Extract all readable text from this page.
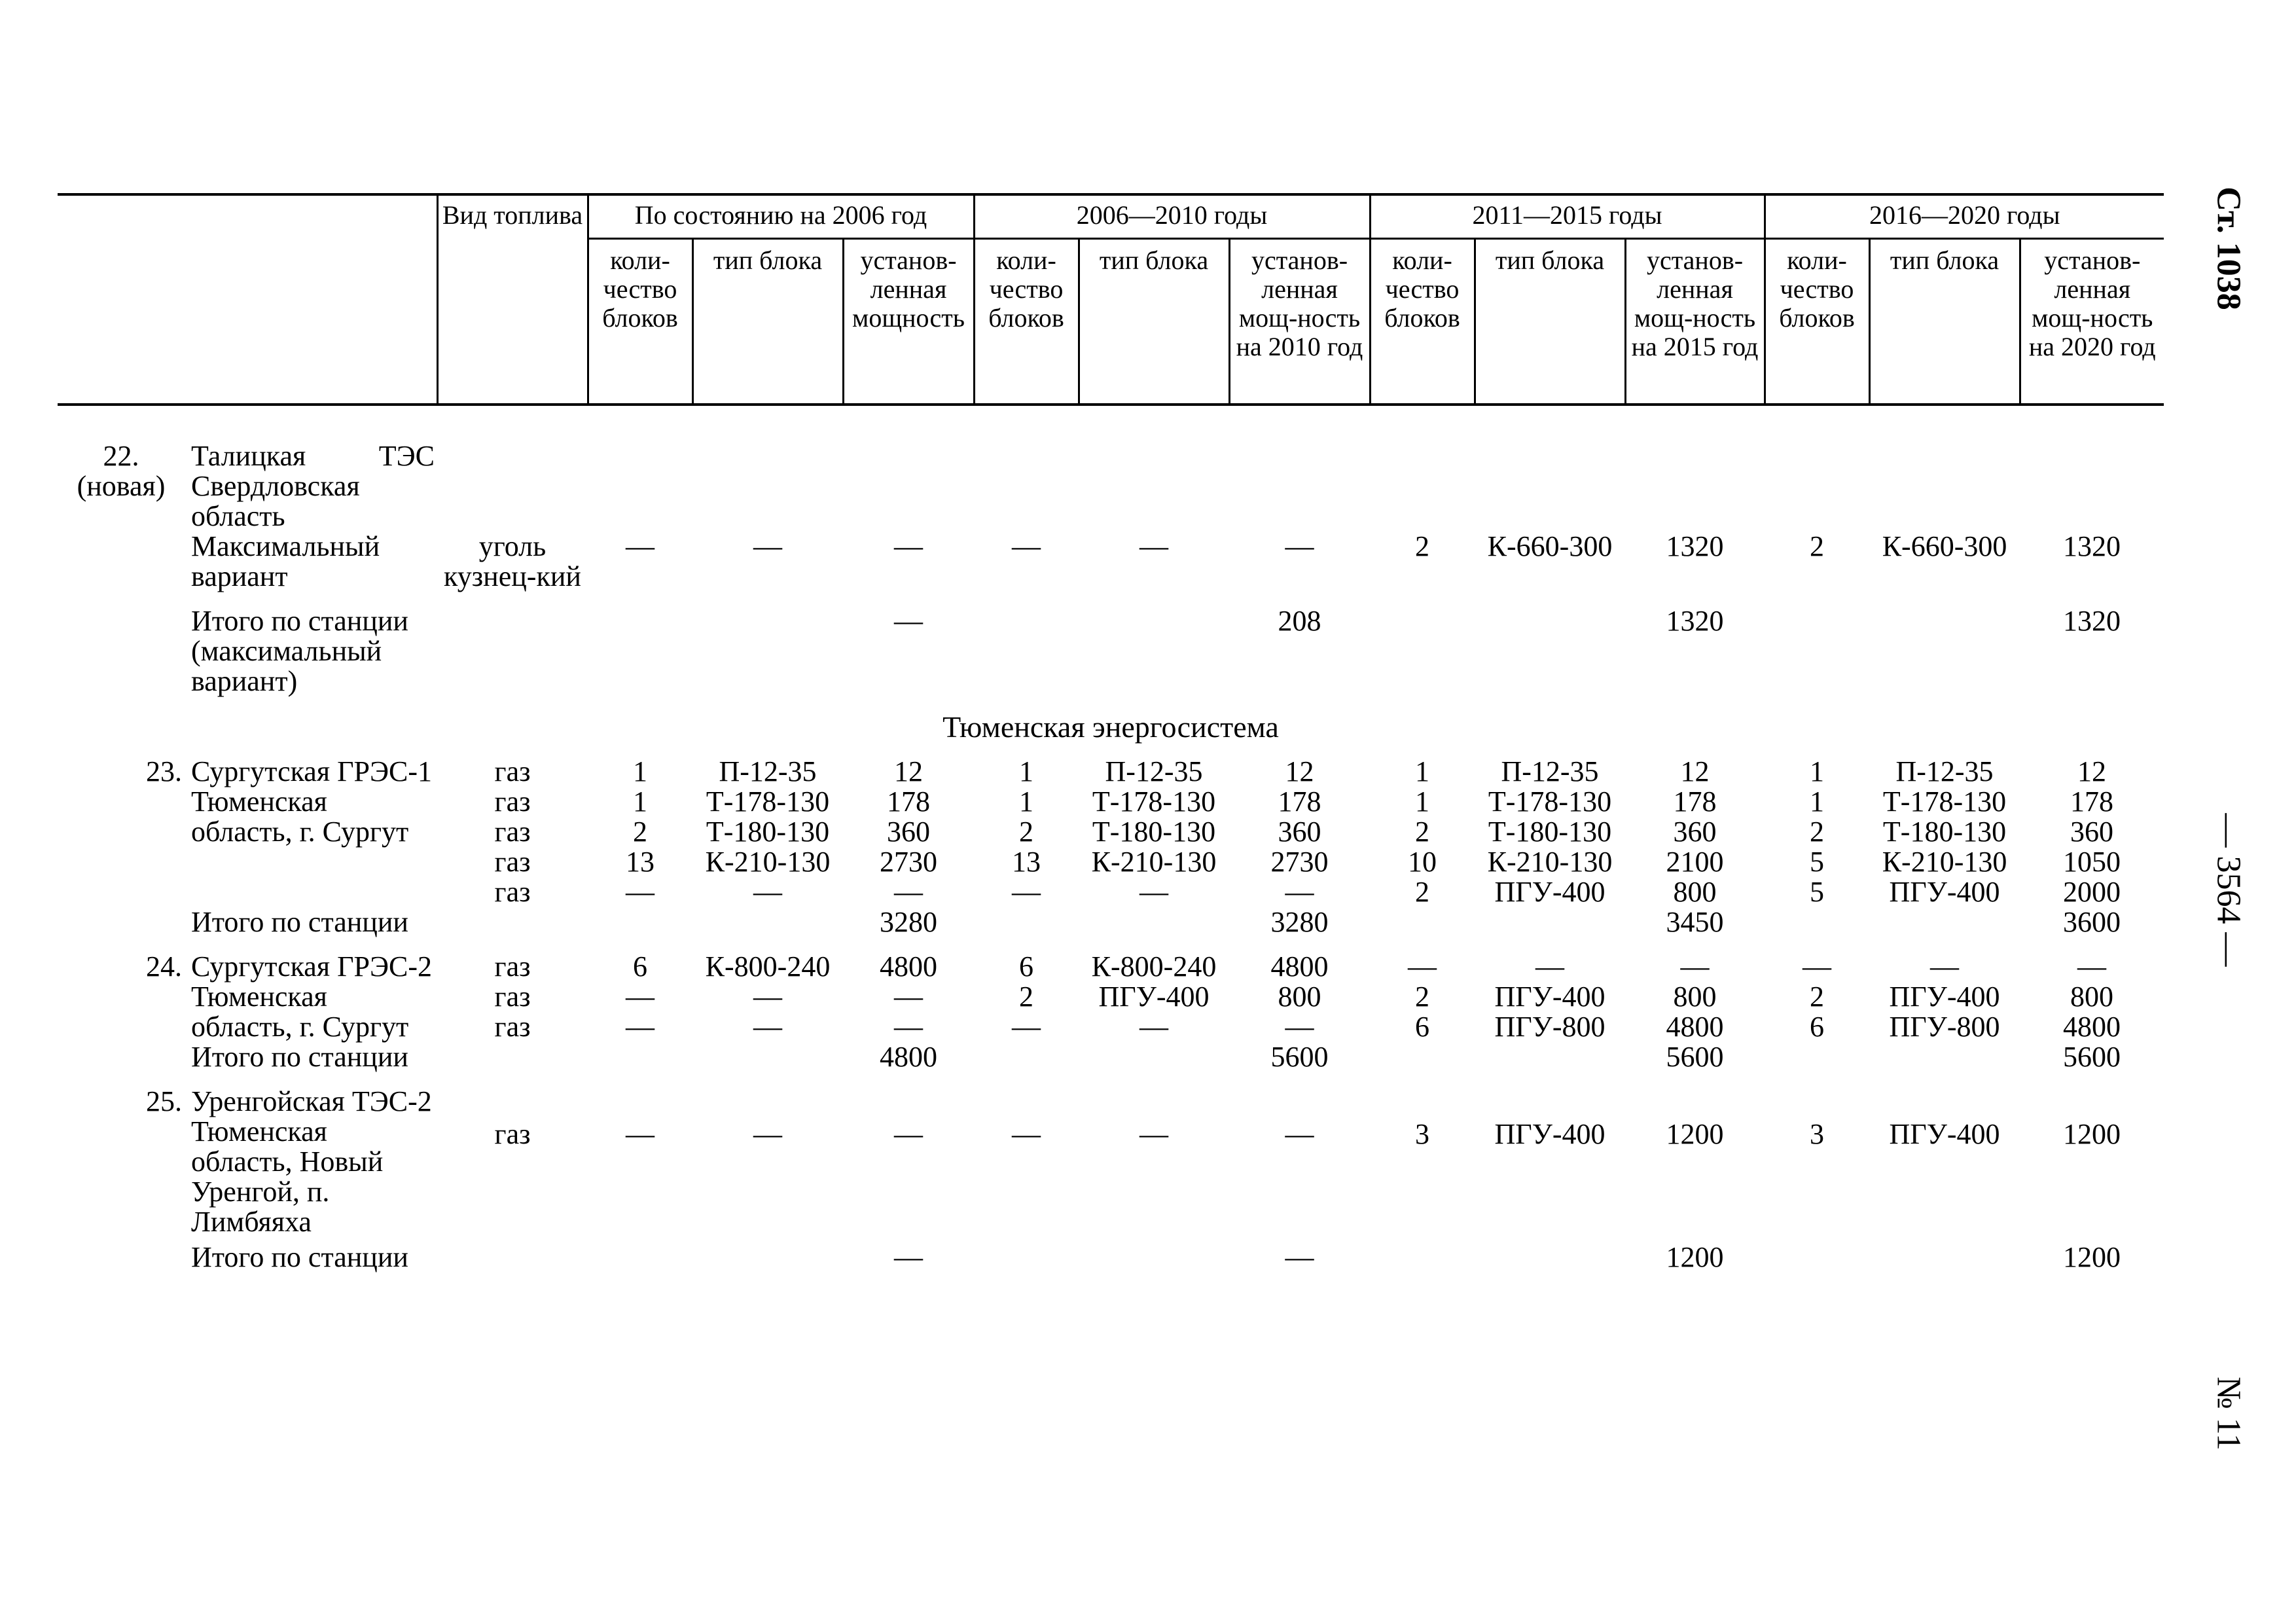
		Вид топлива	По состоянию на 2006 год			2006—2010 годы			2011—2015 годы			2016—2020 годы		
			коли-чество блоков	тип блока	установ-ленная мощность	коли-чество блоков	тип блока	установ-ленная мощ-ность на 2010 год	коли-чество блоков	тип блока	установ-ленная мощ-ность на 2015 год	коли-чество блоков	тип блока	установ-ленная мощ-ность на 2020 год

22. (новая)	Талицкая ТЭС Свердловская область													
	Максимальный вариант	уголь кузнец-кий	—	—	—	—	—	—	2	К-660-300	1320	2	К-660-300	1320

	Итого по станции (максимальный вариант)				—			208			1320			1320
Тюменская энергосистема														
23.	Сургутская ГРЭС-1 Тюменская область, г. Сургут	газ	1	П-12-35	12	1	П-12-35	12	1	П-12-35	12	1	П-12-35	12
		газ	1	Т-178-130	178	1	Т-178-130	178	1	Т-178-130	178	1	Т-178-130	178
		газ	2	Т-180-130	360	2	Т-180-130	360	2	Т-180-130	360	2	Т-180-130	360
		газ	13	К-210-130	2730	13	К-210-130	2730	10	К-210-130	2100	5	К-210-130	1050
		газ	—	—	—	—	—	—	2	ПГУ-400	800	5	ПГУ-400	2000
	Итого по станции				3280			3280			3450			3600

24.	Сургутская ГРЭС-2 Тюменская область, г. Сургут	газ	6	К-800-240	4800	6	К-800-240	4800	—	—	—	—	—	—
		газ	—	—	—	2	ПГУ-400	800	2	ПГУ-400	800	2	ПГУ-400	800
		газ	—	—	—	—	—	—	6	ПГУ-800	4800	6	ПГУ-800	4800
	Итого по станции				4800			5600			5600			5600

25.	Уренгойская ТЭС-2 Тюменская область, Новый Уренгой, п. Лимбяяха	газ	—	—	—	—	—	—	3	ПГУ-400	1200	3	ПГУ-400	1200

	Итого по станции				—			—			1200			1200
Ст. 1038
— 3564 —
№ 11
